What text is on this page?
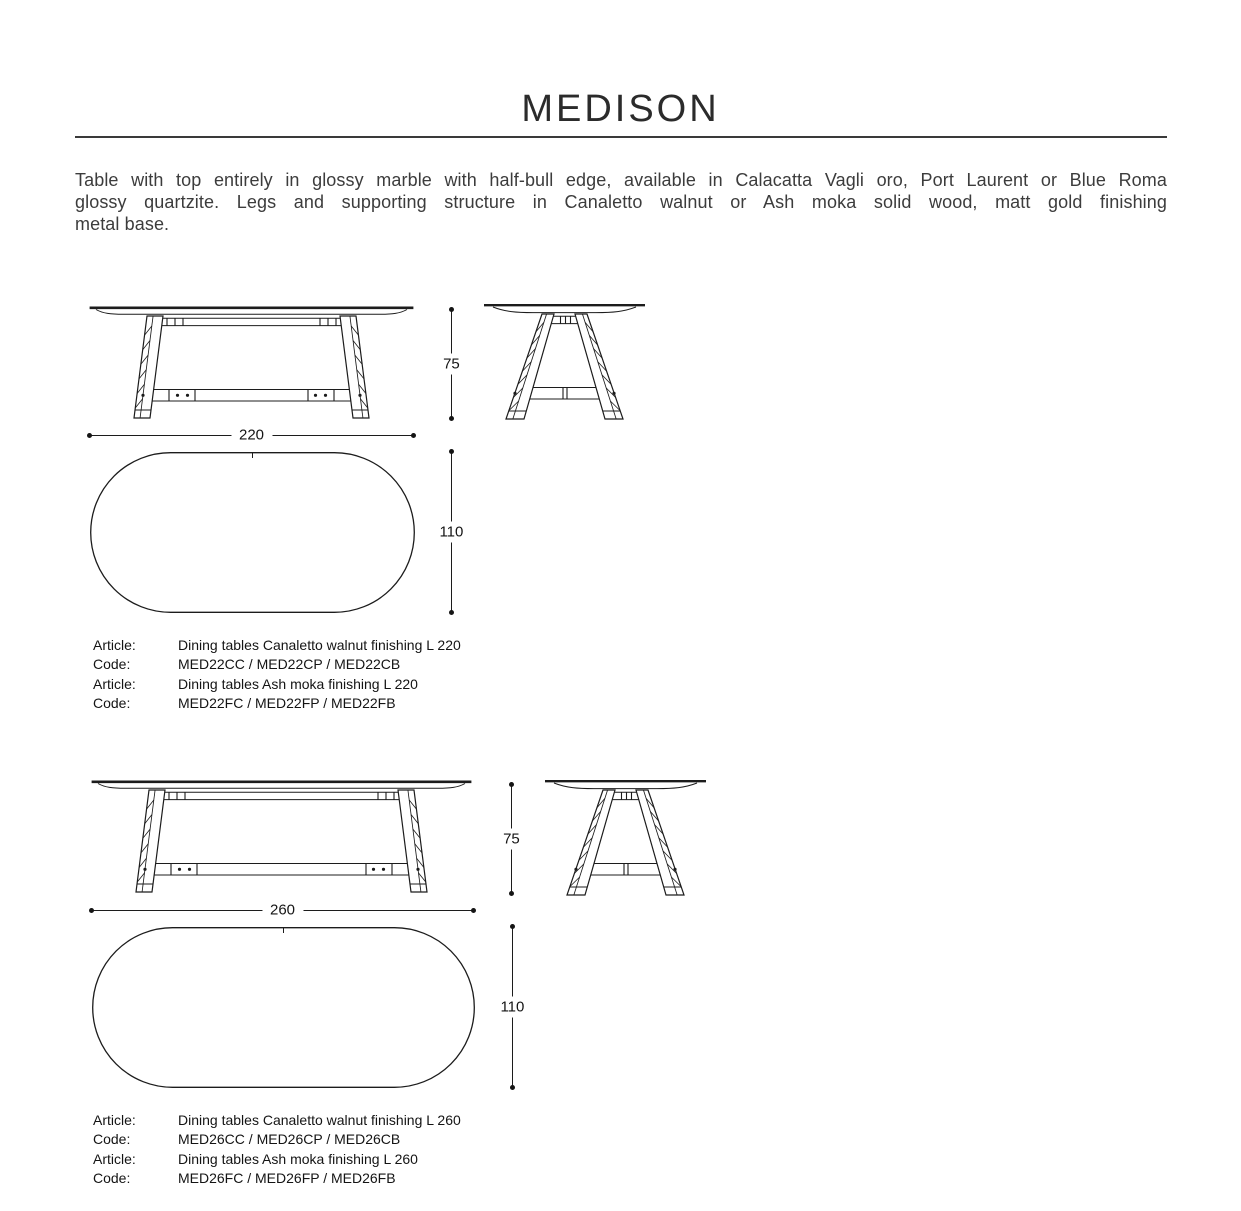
MEDISON
Table with top entirely in glossy marble with half-bull edge, available in Calacatta Vagli oro, Port Laurent or Blue Roma
glossy quartzite. Legs and supporting structure in Canaletto walnut or Ash moka solid wood, matt gold finishing
metal base.
75
220
110
Article:	Dining tables Canaletto walnut finishing L 220
Code:	MED22CC / MED22CP / MED22CB
Article:	Dining tables Ash moka finishing L 220
Code:	MED22FC / MED22FP / MED22FB
75
260
110
Article:	Dining tables Canaletto walnut finishing L 260
Code:	MED26CC / MED26CP / MED26CB
Article:	Dining tables Ash moka finishing L 260
Code:	MED26FC / MED26FP / MED26FB
